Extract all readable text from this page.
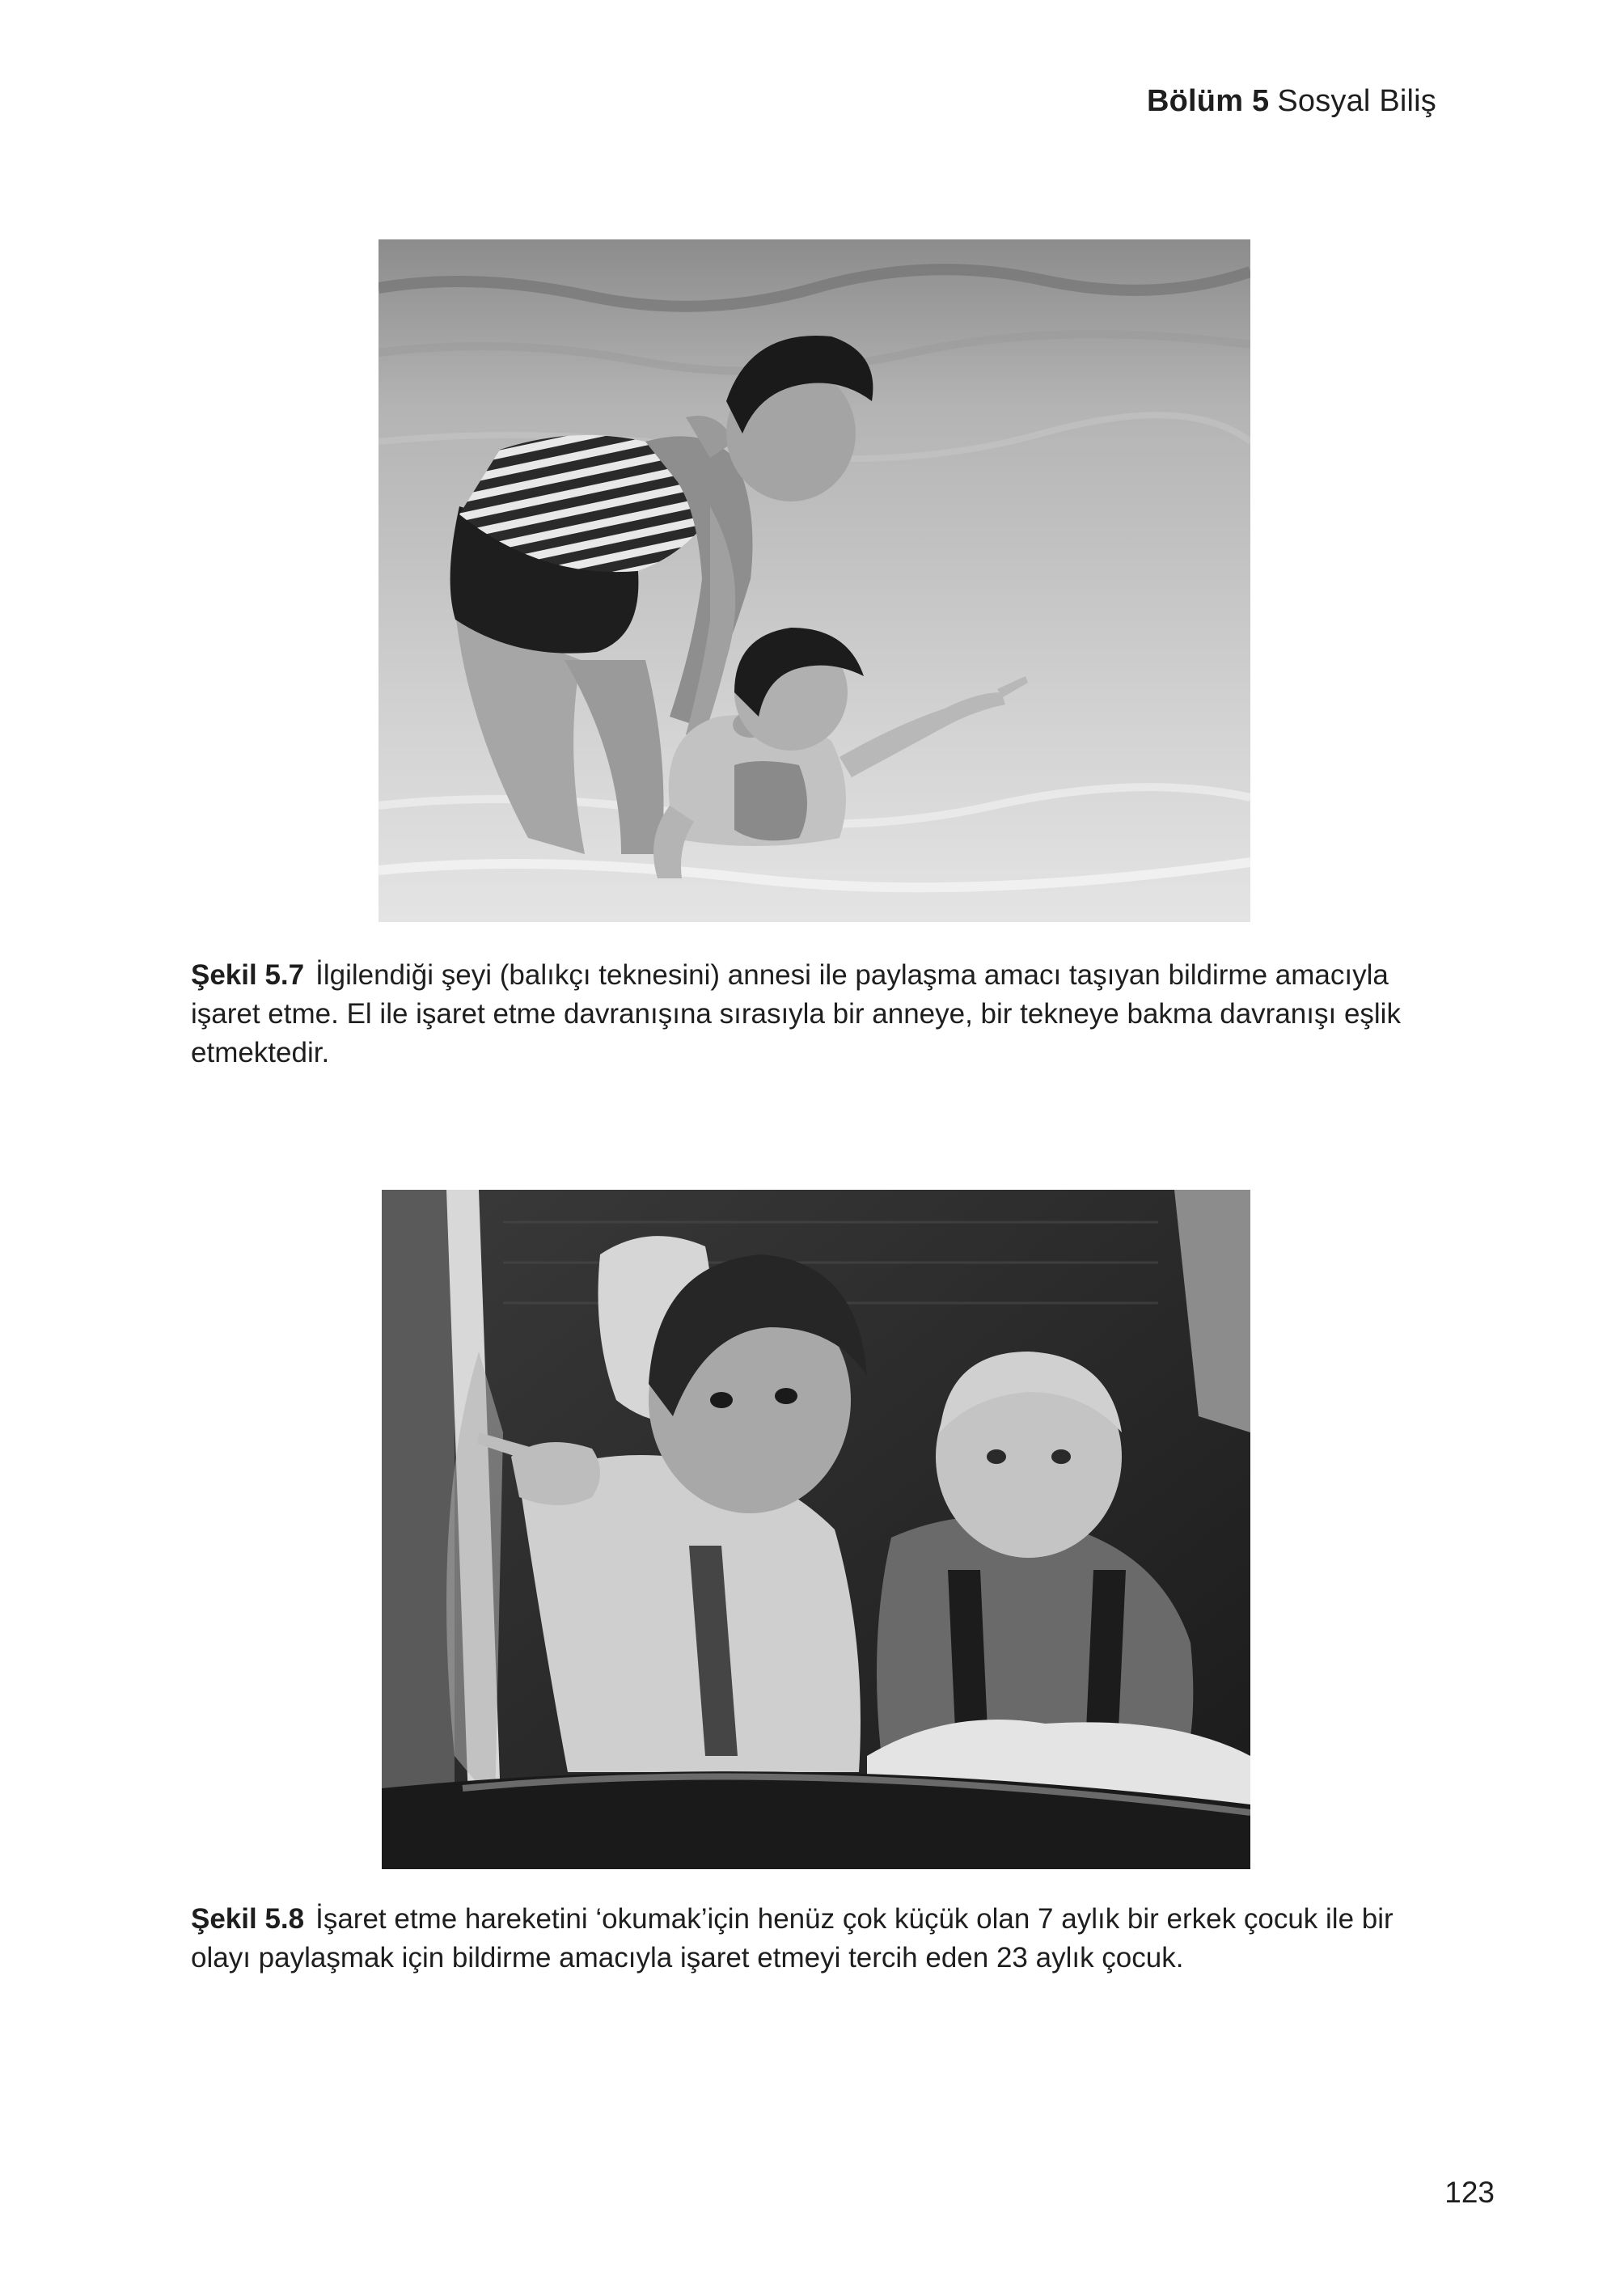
Bölüm 5 Sosyal Biliş
Şekil 5.7 İlgilendiği şeyi (balıkçı teknesini) annesi ile paylaşma amacı taşıyan bildirme amacıyla işaret etme. El ile işaret etme davranışına sırasıyla bir anneye, bir tekneye bakma davranışı eşlik etmektedir.
Şekil 5.8 İşaret etme hareketini ‘okumak’için henüz çok küçük olan 7 aylık bir erkek çocuk ile bir olayı paylaşmak için bildirme amacıyla işaret etmeyi tercih eden 23 aylık çocuk.
123
